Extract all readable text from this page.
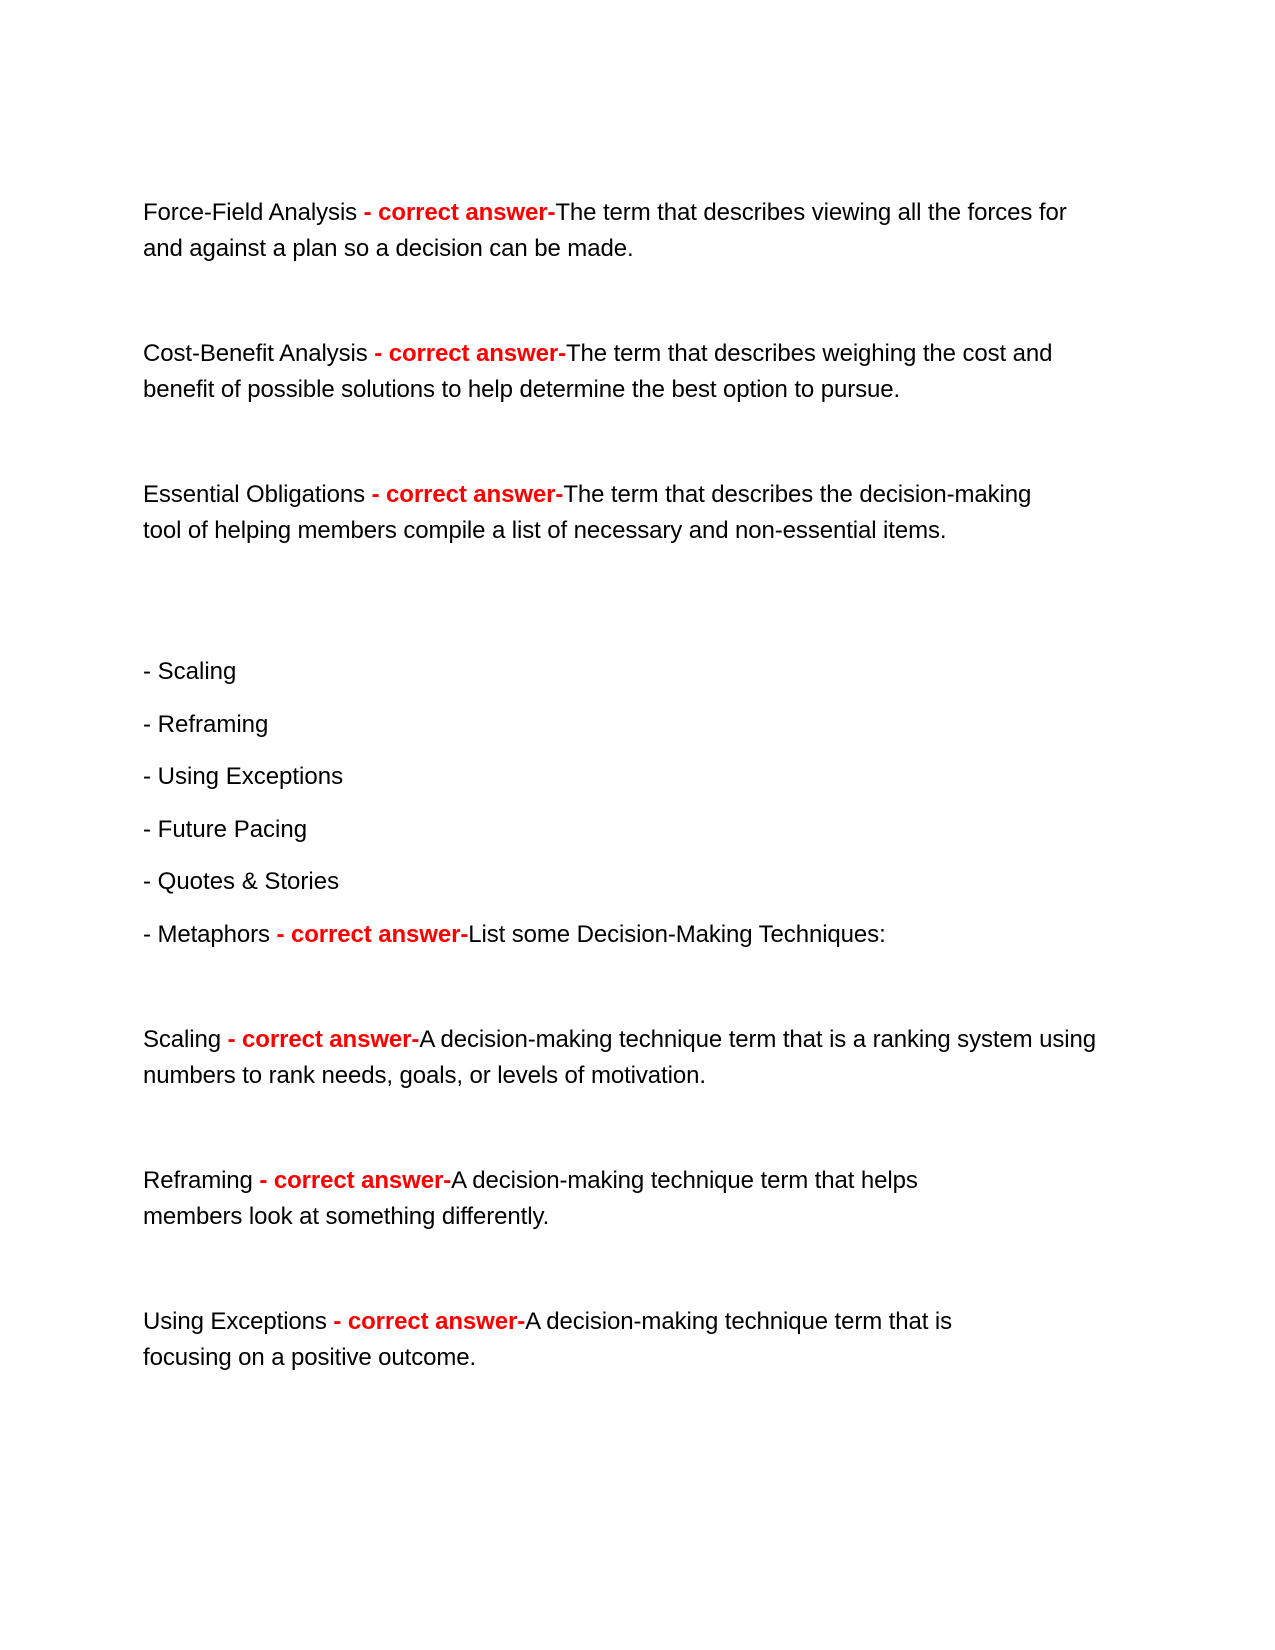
Force-Field Analysis - correct answer-The term that describes viewing all the forces for and against a plan so a decision can be made.
Cost-Benefit Analysis - correct answer-The term that describes weighing the cost and benefit of possible solutions to help determine the best option to pursue.
Essential Obligations - correct answer-The term that describes the decision-making tool of helping members compile a list of necessary and non-essential items.
- Scaling
- Reframing
- Using Exceptions
- Future Pacing
- Quotes & Stories
- Metaphors - correct answer-List some Decision-Making Techniques:
Scaling - correct answer-A decision-making technique term that is a ranking system using numbers to rank needs, goals, or levels of motivation.
Reframing - correct answer-A decision-making technique term that helps members look at something differently.
Using Exceptions - correct answer-A decision-making technique term that is focusing on a positive outcome.
